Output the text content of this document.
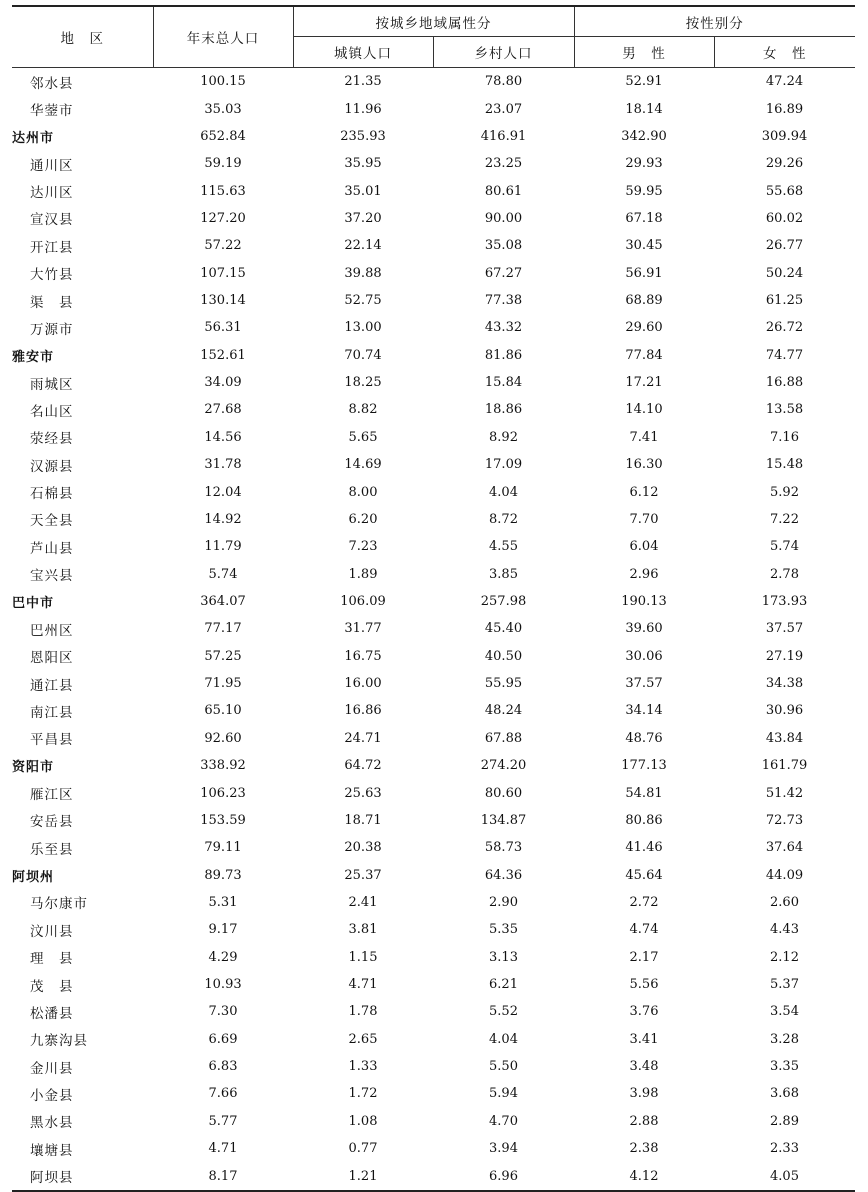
地　区	年末总人口	按城乡地域属性分		按性别分	
		城镇人口	乡村人口	男　性	女　性
邻水县	100.15	21.35	78.80	52.91	47.24
华蓥市	35.03	11.96	23.07	18.14	16.89
达州市	652.84	235.93	416.91	342.90	309.94
通川区	59.19	35.95	23.25	29.93	29.26
达川区	115.63	35.01	80.61	59.95	55.68
宣汉县	127.20	37.20	90.00	67.18	60.02
开江县	57.22	22.14	35.08	30.45	26.77
大竹县	107.15	39.88	67.27	56.91	50.24
渠　县	130.14	52.75	77.38	68.89	61.25
万源市	56.31	13.00	43.32	29.60	26.72
雅安市	152.61	70.74	81.86	77.84	74.77
雨城区	34.09	18.25	15.84	17.21	16.88
名山区	27.68	8.82	18.86	14.10	13.58
荥经县	14.56	5.65	8.92	7.41	7.16
汉源县	31.78	14.69	17.09	16.30	15.48
石棉县	12.04	8.00	4.04	6.12	5.92
天全县	14.92	6.20	8.72	7.70	7.22
芦山县	11.79	7.23	4.55	6.04	5.74
宝兴县	5.74	1.89	3.85	2.96	2.78
巴中市	364.07	106.09	257.98	190.13	173.93
巴州区	77.17	31.77	45.40	39.60	37.57
恩阳区	57.25	16.75	40.50	30.06	27.19
通江县	71.95	16.00	55.95	37.57	34.38
南江县	65.10	16.86	48.24	34.14	30.96
平昌县	92.60	24.71	67.88	48.76	43.84
资阳市	338.92	64.72	274.20	177.13	161.79
雁江区	106.23	25.63	80.60	54.81	51.42
安岳县	153.59	18.71	134.87	80.86	72.73
乐至县	79.11	20.38	58.73	41.46	37.64
阿坝州	89.73	25.37	64.36	45.64	44.09
马尔康市	5.31	2.41	2.90	2.72	2.60
汶川县	9.17	3.81	5.35	4.74	4.43
理　县	4.29	1.15	3.13	2.17	2.12
茂　县	10.93	4.71	6.21	5.56	5.37
松潘县	7.30	1.78	5.52	3.76	3.54
九寨沟县	6.69	2.65	4.04	3.41	3.28
金川县	6.83	1.33	5.50	3.48	3.35
小金县	7.66	1.72	5.94	3.98	3.68
黑水县	5.77	1.08	4.70	2.88	2.89
壤塘县	4.71	0.77	3.94	2.38	2.33
阿坝县	8.17	1.21	6.96	4.12	4.05
